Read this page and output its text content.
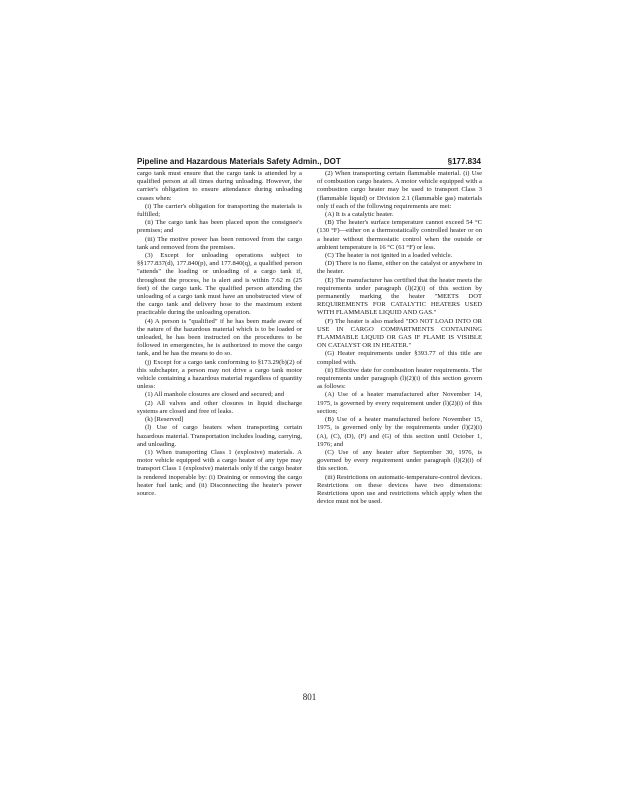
Pipeline and Hazardous Materials Safety Admin., DOT	§177.834

cargo tank must ensure that the cargo tank is attended by a qualified person at all times during unloading. However, the carrier's obligation to ensure attendance during unloading ceases when:

(i) The carrier's obligation for transporting the materials is fulfilled;

(ii) The cargo tank has been placed upon the consignee's premises; and

(iii) The motive power has been removed from the cargo tank and removed from the premises.

(3) Except for unloading operations subject to §§177.837(d), 177.840(p), and 177.840(q), a qualified person "attends" the loading or unloading of a cargo tank if, throughout the process, he is alert and is within 7.62 m (25 feet) of the cargo tank. The qualified person attending the unloading of a cargo tank must have an unobstructed view of the cargo tank and delivery hose to the maximum extent practicable during the unloading operation.

(4) A person is "qualified" if he has been made aware of the nature of the hazardous material which is to be loaded or unloaded, he has been instructed on the procedures to be followed in emergencies, he is authorized to move the cargo tank, and he has the means to do so.

(j) Except for a cargo tank conforming to §173.29(b)(2) of this subchapter, a person may not drive a cargo tank motor vehicle containing a hazardous material regardless of quantity unless:

(1) All manhole closures are closed and secured; and

(2) All valves and other closures in liquid discharge systems are closed and free of leaks.

(k) [Reserved]

(l) Use of cargo heaters when transporting certain hazardous material. Transportation includes loading, carrying, and unloading.

(1) When transporting Class 1 (explosive) materials. A motor vehicle equipped with a cargo heater of any type may transport Class 1 (explosive) materials only if the cargo heater is rendered inoperable by: (i) Draining or removing the cargo heater fuel tank; and (ii) Disconnecting the heater's power source.

(2) When transporting certain flammable material. (i) Use of combustion cargo heaters. A motor vehicle equipped with a combustion cargo heater may be used to transport Class 3 (flammable liquid) or Division 2.1 (flammable gas) materials only if each of the following requirements are met:

(A) It is a catalytic heater.

(B) The heater's surface temperature cannot exceed 54 °C (130 °F)—either on a thermostatically controlled heater or on a heater without thermostatic control when the outside or ambient temperature is 16 °C (61 °F) or less.

(C) The heater is not ignited in a loaded vehicle.

(D) There is no flame, either on the catalyst or anywhere in the heater.

(E) The manufacturer has certified that the heater meets the requirements under paragraph (l)(2)(i) of this section by permanently marking the heater "MEETS DOT REQUIREMENTS FOR CATALYTIC HEATERS USED WITH FLAMMABLE LIQUID AND GAS."

(F) The heater is also marked "DO NOT LOAD INTO OR USE IN CARGO COMPARTMENTS CONTAINING FLAMMABLE LIQUID OR GAS IF FLAME IS VISIBLE ON CATALYST OR IN HEATER."

(G) Heater requirements under §393.77 of this title are complied with.

(ii) Effective date for combustion heater requirements. The requirements under paragraph (l)(2)(i) of this section govern as follows:

(A) Use of a heater manufactured after November 14, 1975, is governed by every requirement under (l)(2)(i) of this section;

(B) Use of a heater manufactured before November 15, 1975, is governed only by the requirements under (l)(2)(i) (A), (C), (D), (F) and (G) of this section until October 1, 1976; and

(C) Use of any heater after September 30, 1976, is governed by every requirement under paragraph (l)(2)(i) of this section.

(iii) Restrictions on automatic-temperature-control devices. Restrictions on these devices have two dimensions: Restrictions upon use and restrictions which apply when the device must not be used.

801
